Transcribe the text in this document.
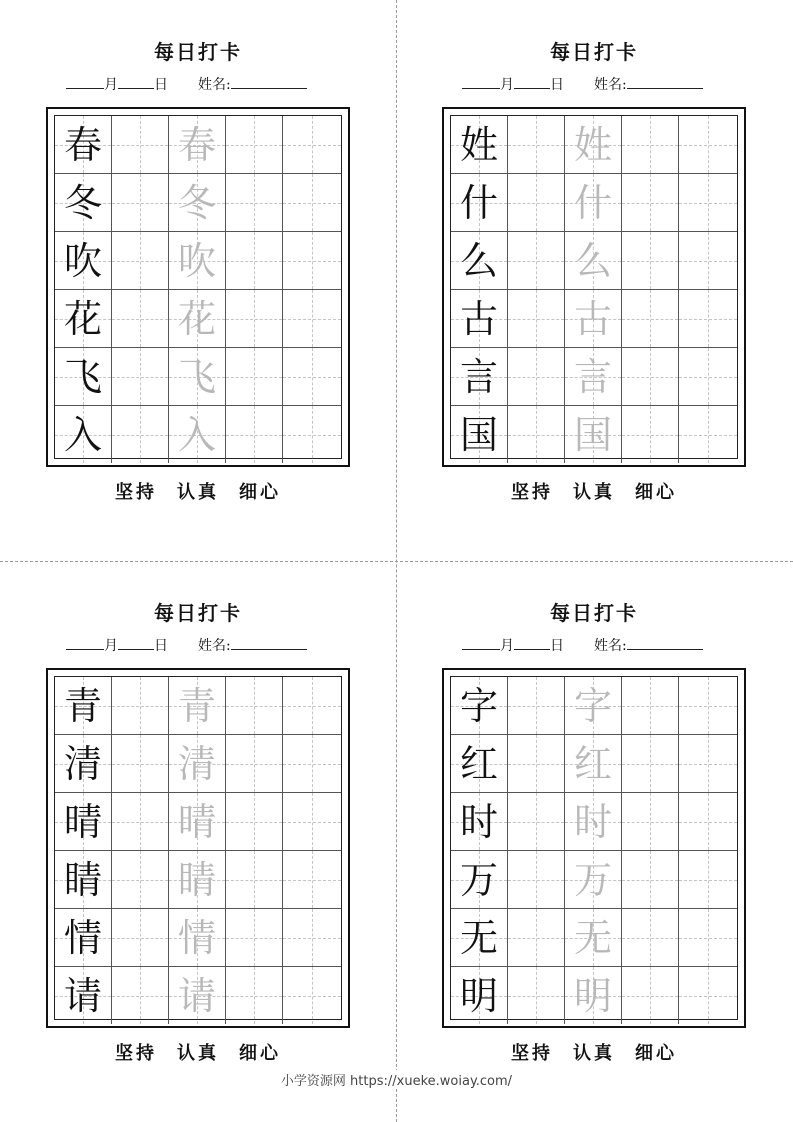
每日打卡
月	日 姓名:
春 春
冬 冬
吹 吹
花 花
飞 飞
入 入
坚持 认真 细心
每日打卡
月	日 姓名:
姓 姓
什 什
么 么
古 古
言 言
国 国
坚持 认真 细心
每日打卡
月	日 姓名:
青 青
清 清
晴 晴
睛 睛
情 情
请 请
坚持 认真 细心
每日打卡
月	日 姓名:
字 字
红 红
时 时
万 万
无 无
明 明
坚持 认真 细心
小学资源网 https://xueke.woiay.com/
